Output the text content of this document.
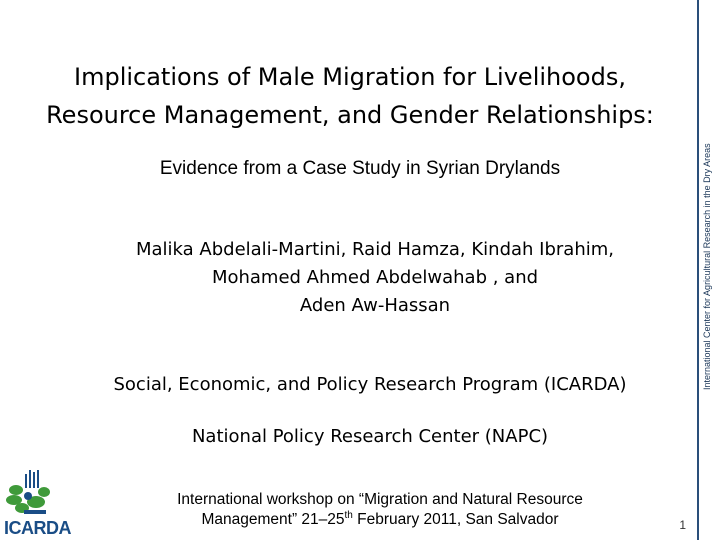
Implications of Male Migration for Livelihoods,
Resource Management, and Gender Relationships:
Evidence from a Case Study in Syrian Drylands
Malika Abdelali-Martini, Raid Hamza, Kindah Ibrahim,
Mohamed Ahmed Abdelwahab , and
Aden Aw-Hassan
Social, Economic, and Policy Research Program (ICARDA)
National Policy Research Center (NAPC)
International workshop on “Migration and Natural Resource
Management” 21–25th February 2011, San Salvador	1
International Center for Agricultural Research in the Dry Areas
ICARDA
